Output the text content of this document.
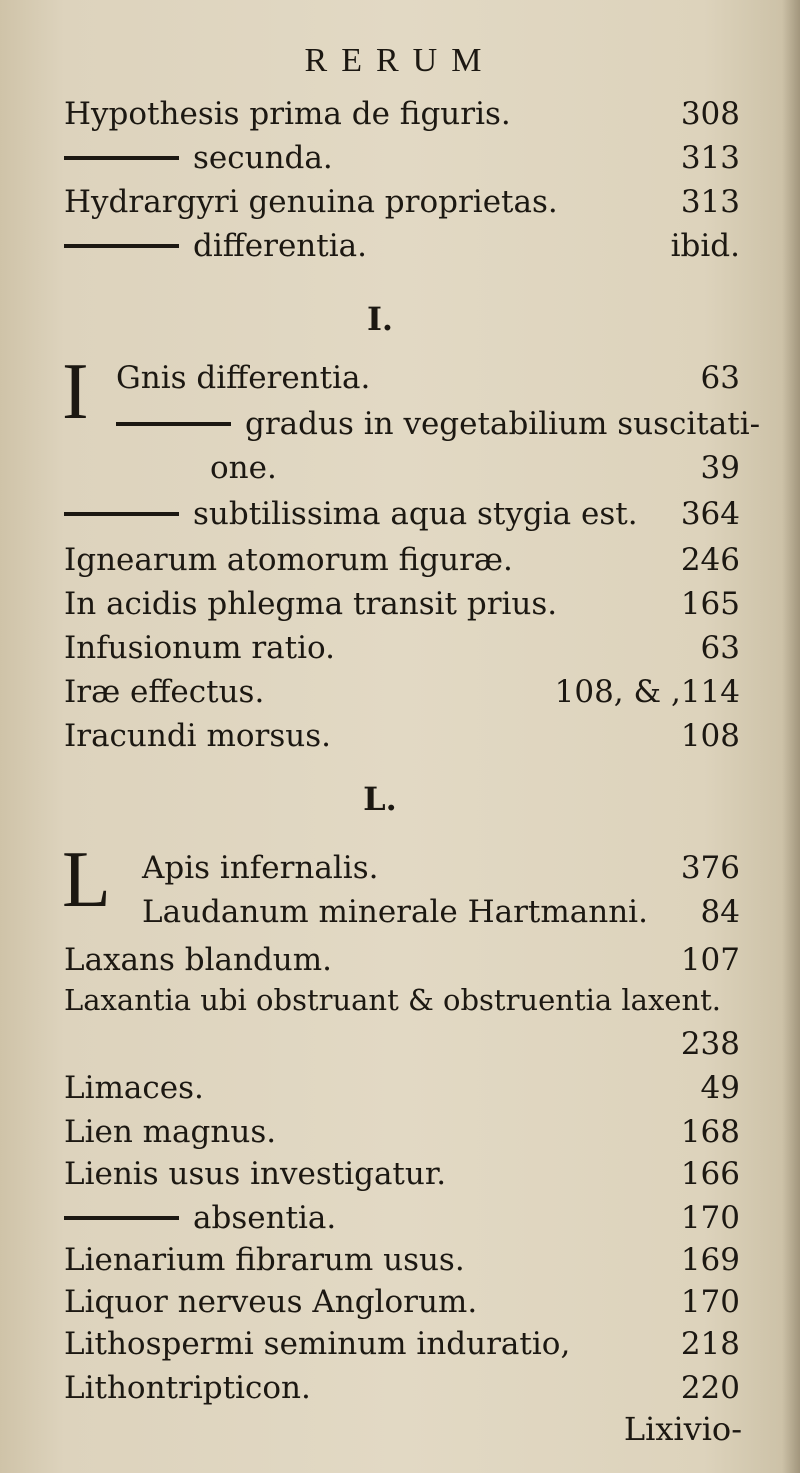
RERUM
Hypothesis prima de figuris.	308
secunda.	313
Hydrargyri genuina proprietas.	313
differentia.	ibid.
I.
I Gnis differentia.	63
gradus in vegetabilium suscitati-
one.	39
subtilissima aqua stygia est. 364
Ignearum atomorum figuræ.	246
In acidis phlegma transit prius.	165
Infusionum ratio.	63
Iræ effectus.	108, & ,114
Iracundi morsus.	108
L.
L Apis infernalis.	376
Laudanum minerale Hartmanni. 84
Laxans blandum.	107
Laxantia ubi obstruant & obstruentia laxent.
238
Limaces.	49
Lien magnus.	168
Lienis usus investigatur.	166
absentia.	170
Lienarium fibrarum usus.	169
Liquor nerveus Anglorum.	170
Lithospermi seminum induratio,	218
Lithontripticon.	220
Lixivio-
